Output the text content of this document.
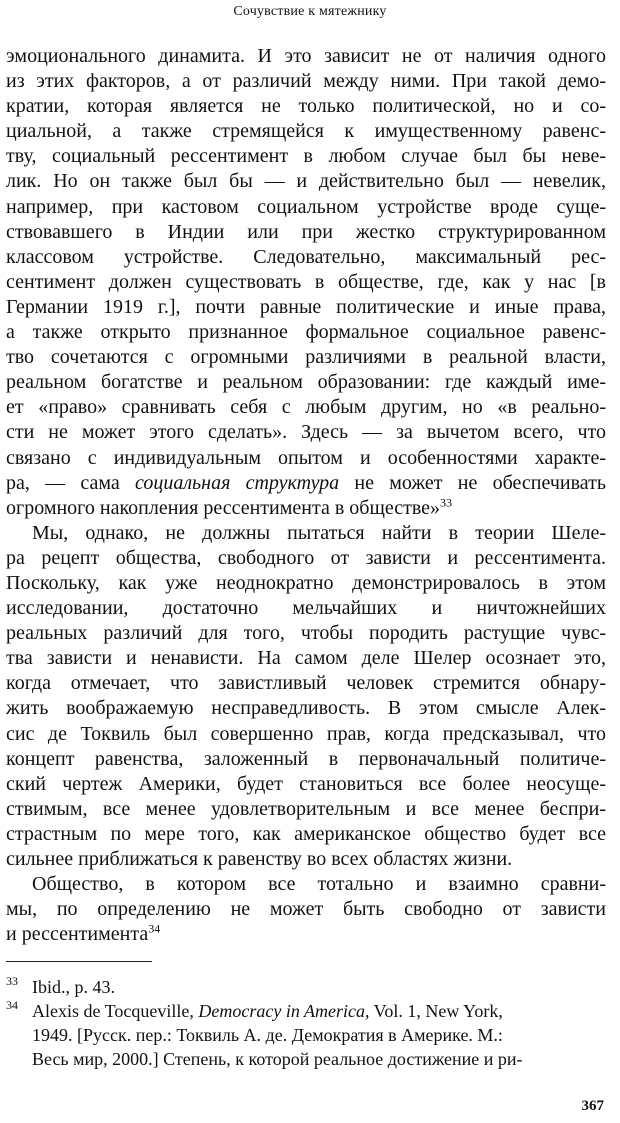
Сочувствие к мятежнику

эмоционального динамита. И это зависит не от наличия одного
из этих факторов, а от различий между ними. При такой демо-
кратии, которая является не только политической, но и со-
циальной, а также стремящейся к имущественному равенс-
тву, социальный рессентимент в любом случае был бы неве-
лик. Но он также был бы — и действительно был — невелик,
например, при кастовом социальном устройстве вроде суще-
ствовавшего в Индии или при жестко структурированном
классовом устройстве. Следовательно, максимальный рес-
сентимент должен существовать в обществе, где, как у нас [в
Германии 1919 г.], почти равные политические и иные права,
а также открыто признанное формальное социальное равенс-
тво сочетаются с огромными различиями в реальной власти,
реальном богатстве и реальном образовании: где каждый име-
ет «право» сравнивать себя с любым другим, но «в реально-
сти не может этого сделать». Здесь — за вычетом всего, что
связано с индивидуальным опытом и особенностями характе-
ра, — сама социальная структура не может не обеспечивать
огромного накопления рессентимента в обществе»$^{33}$

Мы, однако, не должны пытаться найти в теории Шеле-
ра рецепт общества, свободного от зависти и рессентимента.
Поскольку, как уже неоднократно демонстрировалось в этом
исследовании, достаточно мельчайших и ничтожнейших
реальных различий для того, чтобы породить растущие чувс-
тва зависти и ненависти. На самом деле Шелер осознает это,
когда отмечает, что завистливый человек стремится обнару-
жить воображаемую несправедливость. В этом смысле Алек-
сис де Токвиль был совершенно прав, когда предсказывал, что
концепт равенства, заложенный в первоначальный политиче-
ский чертеж Америки, будет становиться все более неосуще-
ствимым, все менее удовлетворительным и все менее беспри-
страстным по мере того, как американское общество будет все
сильнее приближаться к равенству во всех областях жизни.

Общество, в котором все тотально и взаимно сравни-
мы, по определению не может быть свободно от зависти
и рессентимента$^{34}$

33 Ibid., p. 43.
34 Alexis de Tocqueville, Democracy in America, Vol. 1, New York,
1949. [Русск. пер.: Токвиль А. де. Демократия в Америке. М.:
Весь мир, 2000.] Степень, к которой реальное достижение и ри-
367
